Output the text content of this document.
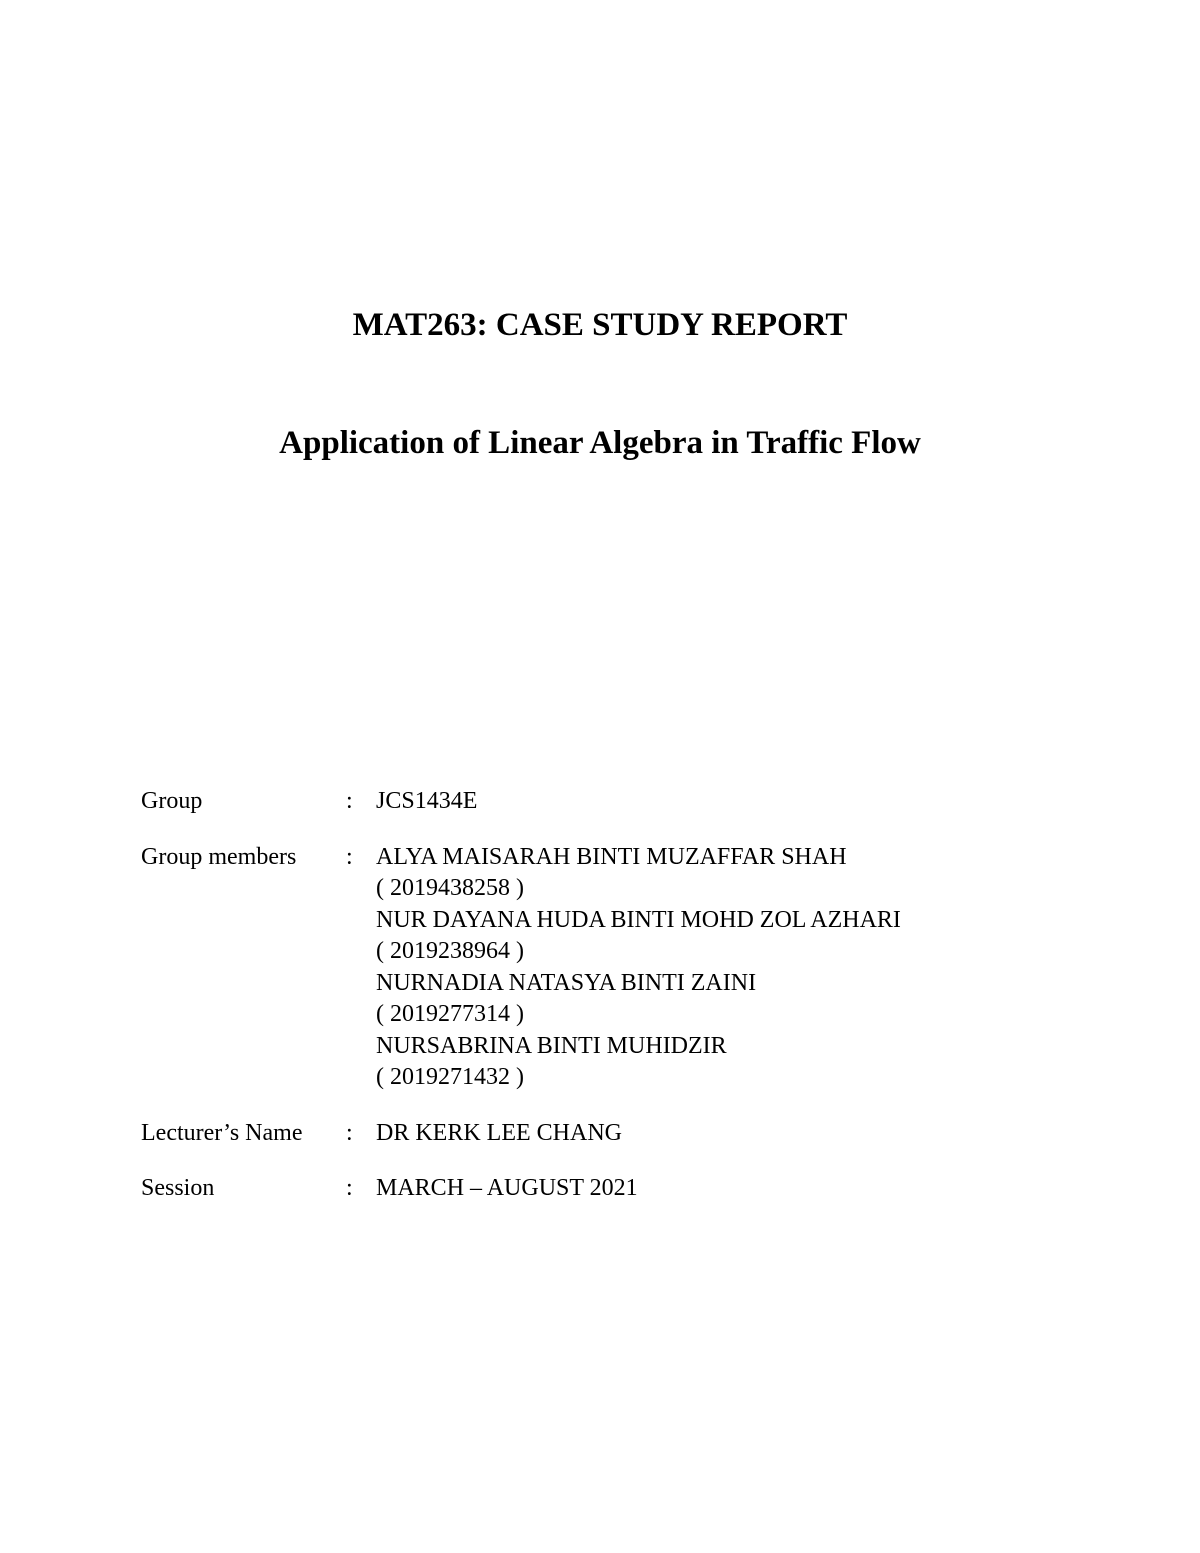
MAT263: CASE STUDY REPORT
Application of Linear Algebra in Traffic Flow
Group	: JCS1434E
Group members	: ALYA MAISARAH BINTI MUZAFFAR SHAH
( 2019438258 )
NUR DAYANA HUDA BINTI MOHD ZOL AZHARI
( 2019238964 )
NURNADIA NATASYA BINTI ZAINI
( 2019277314 )
NURSABRINA BINTI MUHIDZIR
( 2019271432 )
Lecturer’s Name	: DR KERK LEE CHANG
Session	: MARCH – AUGUST 2021
